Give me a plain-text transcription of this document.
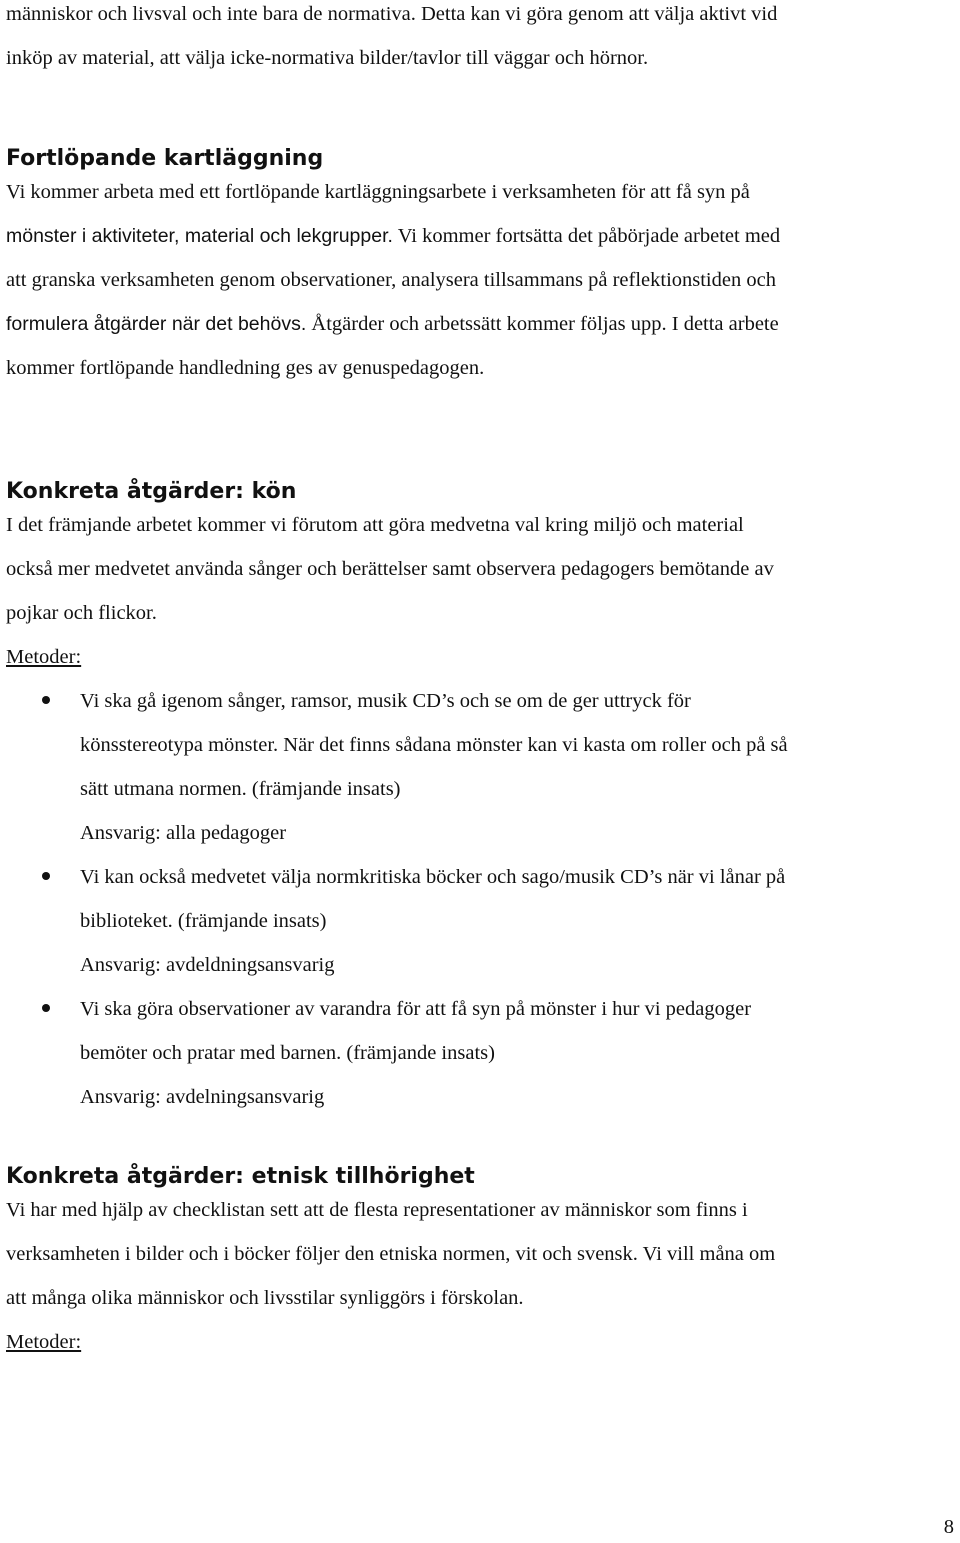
människor och livsval och inte bara de normativa. Detta kan vi göra genom att välja aktivt vid

inköp av material, att välja icke-normativa bilder/tavlor till väggar och hörnor.

Fortlöpande kartläggning

Vi kommer arbeta med ett fortlöpande kartläggningsarbete i verksamheten för att få syn på

mönster i aktiviteter, material och lekgrupper. Vi kommer fortsätta det påbörjade arbetet med

att granska verksamheten genom observationer, analysera tillsammans på reflektionstiden och

formulera åtgärder när det behövs. Åtgärder och arbetssätt kommer följas upp. I detta arbete

kommer fortlöpande handledning ges av genuspedagogen.

Konkreta åtgärder: kön

I det främjande arbetet kommer vi förutom att göra medvetna val kring miljö och material

också mer medvetet använda sånger och berättelser samt observera pedagogers bemötande av

pojkar och flickor.

Metoder:

Vi ska gå igenom sånger, ramsor, musik CD’s och se om de ger uttryck för
könsstereotypa mönster. När det finns sådana mönster kan vi kasta om roller och på så
sätt utmana normen. (främjande insats)
Ansvarig: alla pedagoger
Vi kan också medvetet välja normkritiska böcker och sago/musik CD’s när vi lånar på
biblioteket. (främjande insats)
Ansvarig: avdeldningsansvarig
Vi ska göra observationer av varandra för att få syn på mönster i hur vi pedagoger
bemöter och pratar med barnen. (främjande insats)
Ansvarig: avdelningsansvarig
Konkreta åtgärder: etnisk tillhörighet

Vi har med hjälp av checklistan sett att de flesta representationer av människor som finns i

verksamheten i bilder och i böcker följer den etniska normen, vit och svensk. Vi vill måna om

att många olika människor och livsstilar synliggörs i förskolan.

Metoder:

8
